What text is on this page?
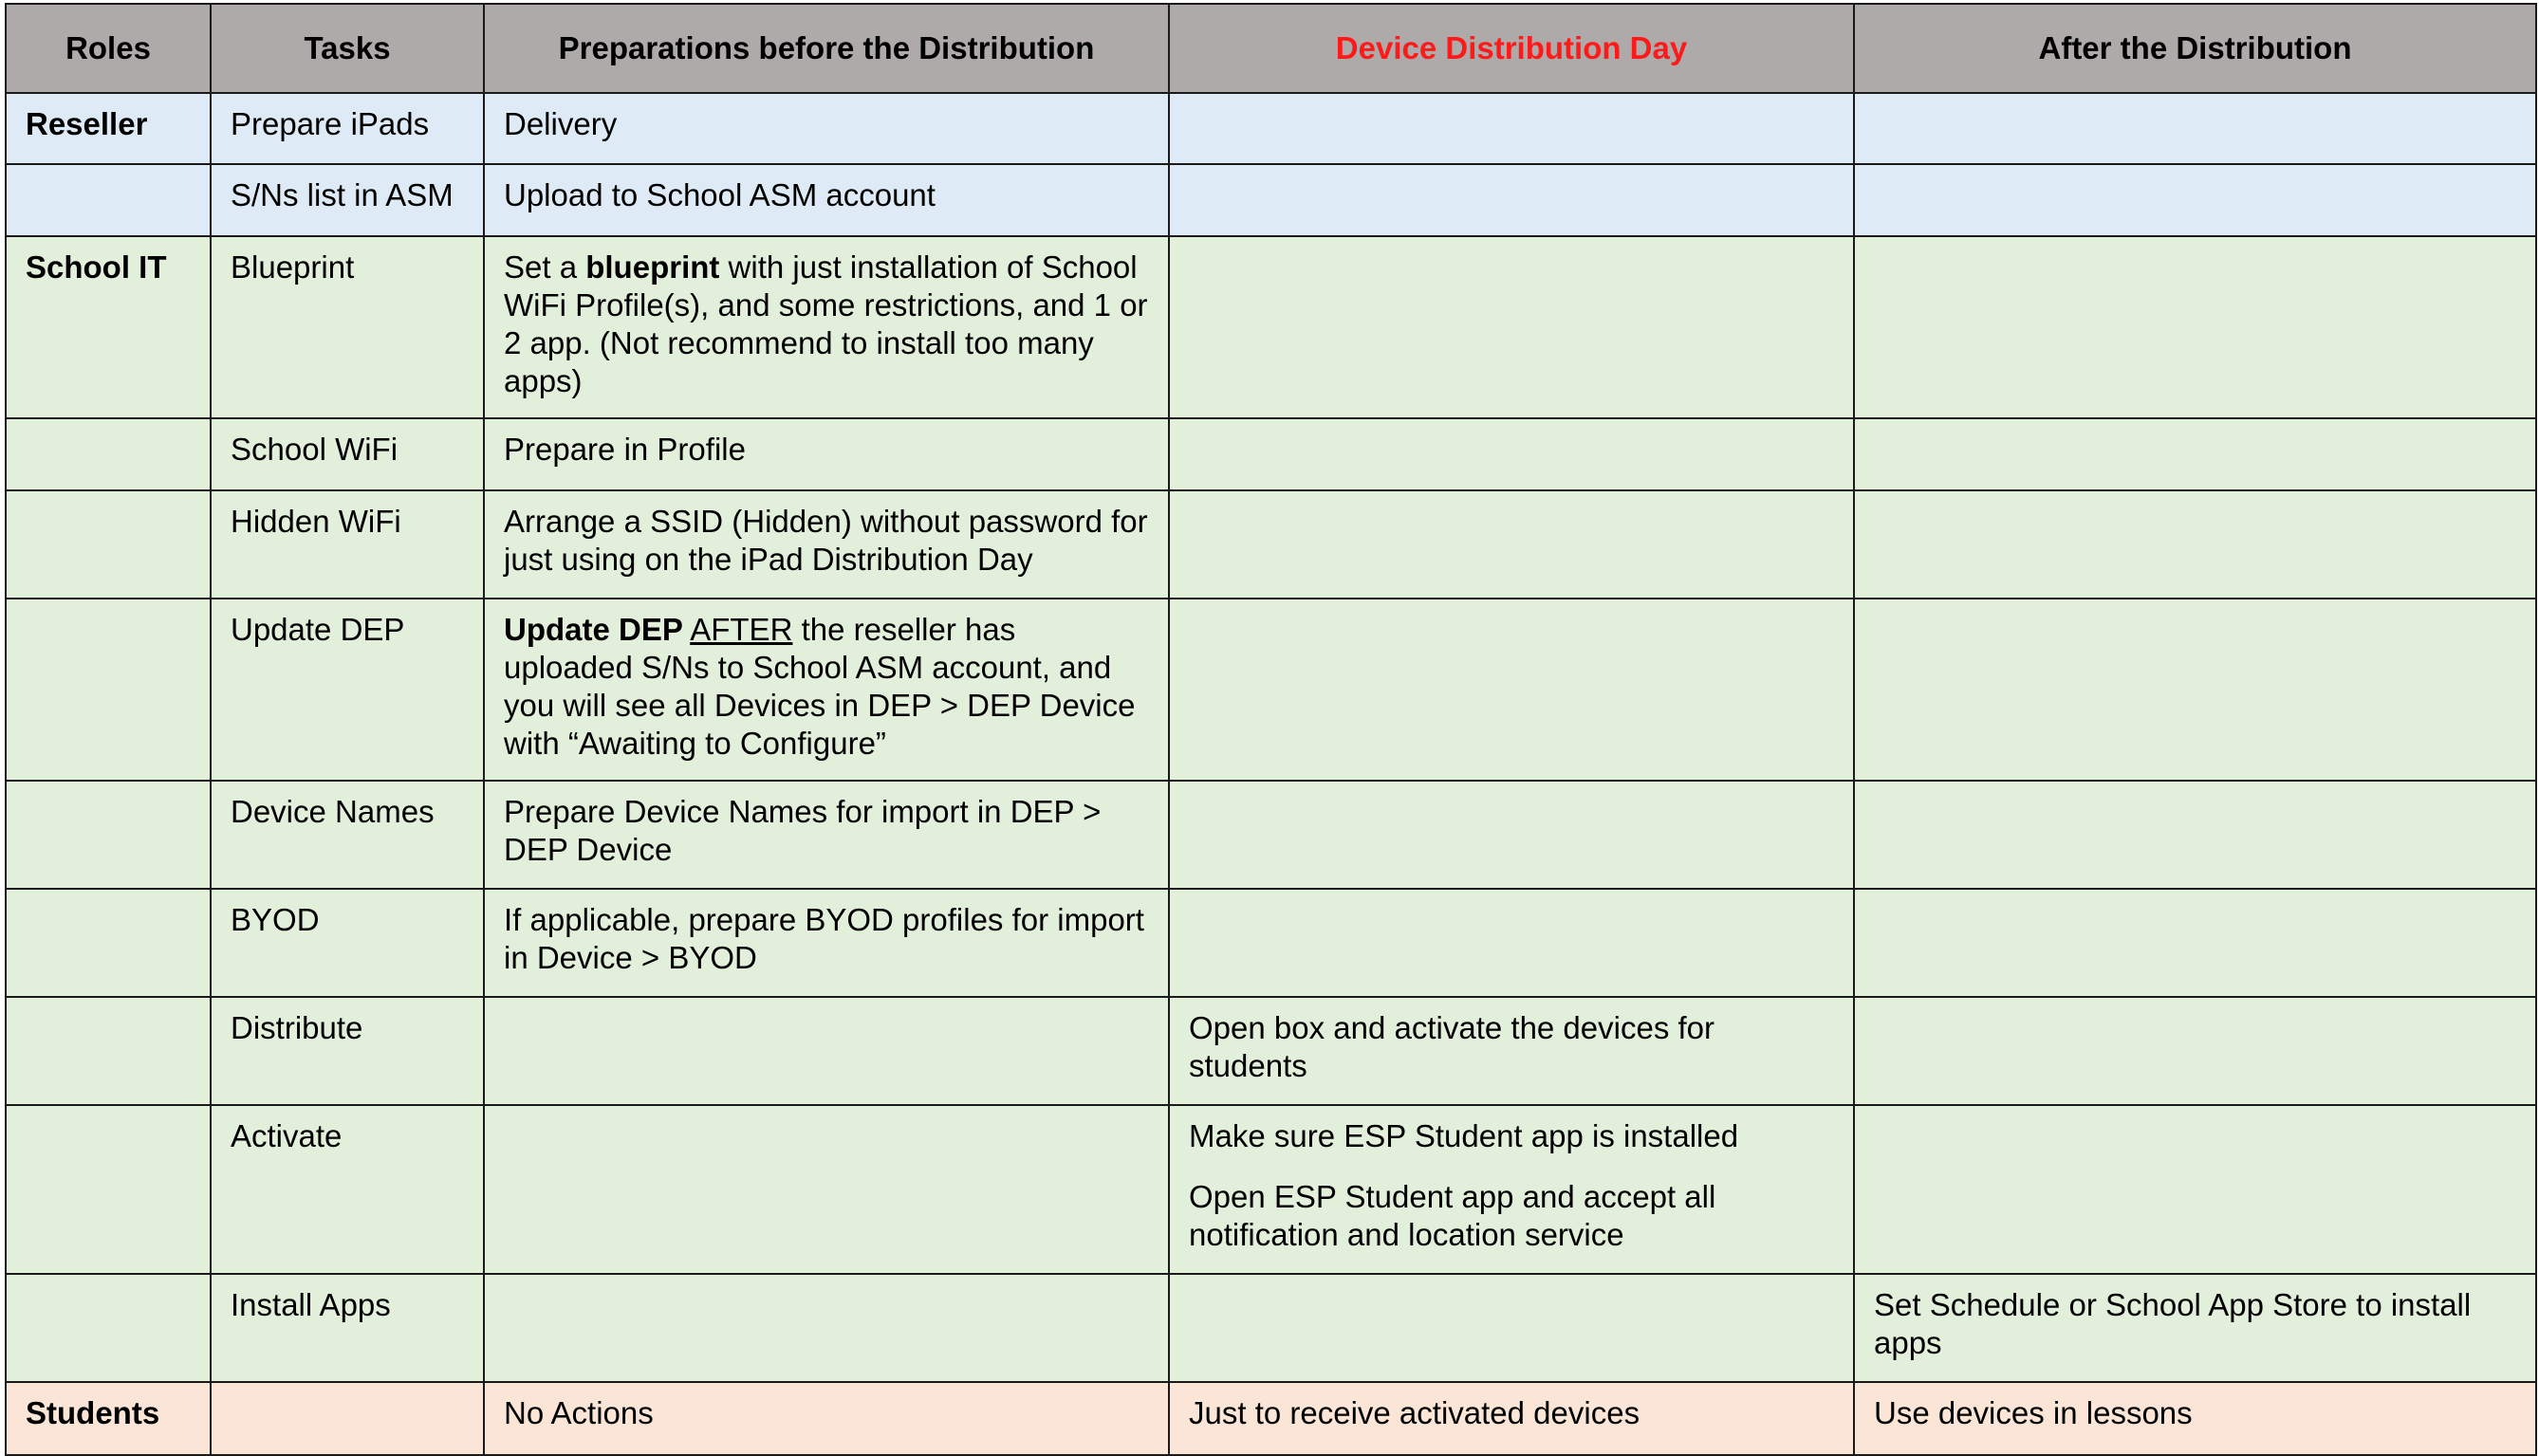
Roles	Tasks	Preparations before the Distribution	Device Distribution Day	After the Distribution
Reseller	Prepare iPads	Delivery		
	S/Ns list in ASM	Upload to School ASM account		
School IT	Blueprint	Set a blueprint with just installation of School WiFi Profile(s), and some restrictions, and 1 or 2 app. (Not recommend to install too many apps)		
	School WiFi	Prepare in Profile		
	Hidden WiFi	Arrange a SSID (Hidden) without password for just using on the iPad Distribution Day		
	Update DEP	Update DEP AFTER the reseller has uploaded S/Ns to School ASM account, and you will see all Devices in DEP > DEP Device with “Awaiting to Configure”		
	Device Names	Prepare Device Names for import in DEP > DEP Device		
	BYOD	If applicable, prepare BYOD profiles for import in Device > BYOD		
	Distribute		Open box and activate the devices for students	
	Activate		Make sure ESP Student app is installed

Open ESP Student app and accept all notification and location service	

	Install Apps			Set Schedule or School App Store to install apps
Students		No Actions	Just to receive activated devices	Use devices in lessons
